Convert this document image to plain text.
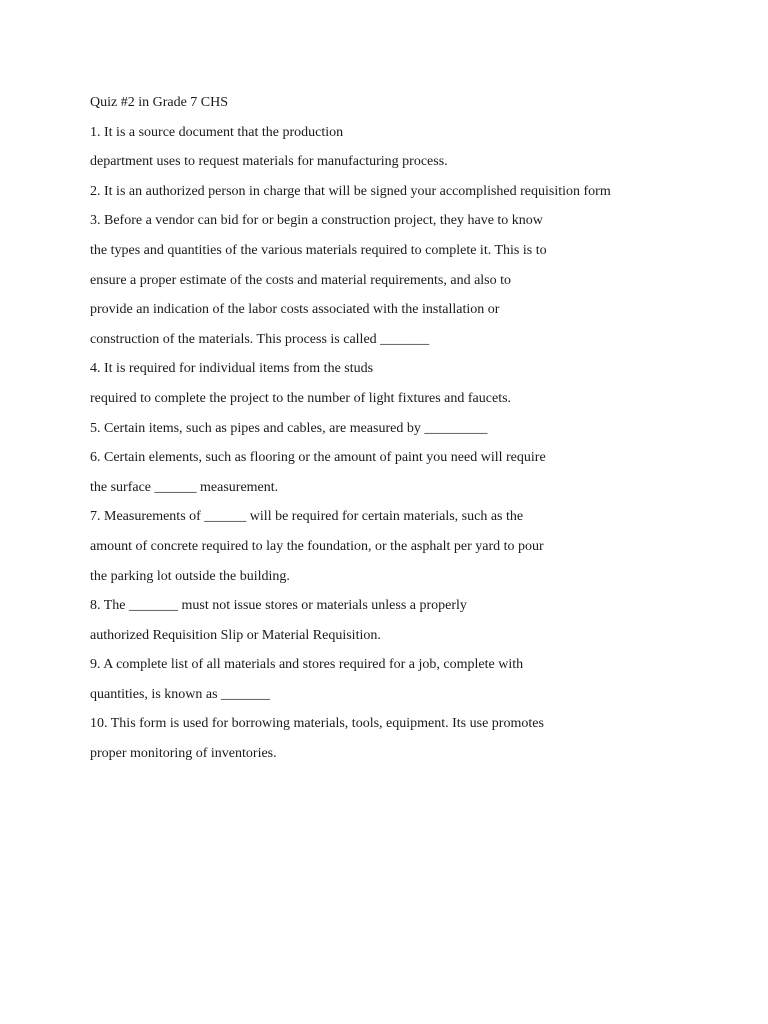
Quiz #2 in Grade 7 CHS
1. It is a source document that the production
department uses to request materials for manufacturing process.
2. It is an authorized person in charge that will be signed your accomplished requisition form
3. Before a vendor can bid for or begin a construction project, they have to know
the types and quantities of the various materials required to complete it. This is to
ensure a proper estimate of the costs and material requirements, and also to
provide an indication of the labor costs associated with the installation or
construction of the materials. This process is called _______
4. It is required for individual items from the studs
required to complete the project to the number of light fixtures and faucets.
5. Certain items, such as pipes and cables, are measured by _________
6. Certain elements, such as flooring or the amount of paint you need will require
the surface ______ measurement.
7. Measurements of ______ will be required for certain materials, such as the
amount of concrete required to lay the foundation, or the asphalt per yard to pour
the parking lot outside the building.
8. The _______ must not issue stores or materials unless a properly
authorized Requisition Slip or Material Requisition.
9. A complete list of all materials and stores required for a job, complete with
quantities, is known as _______
10. This form is used for borrowing materials, tools, equipment. Its use promotes
proper monitoring of inventories.
